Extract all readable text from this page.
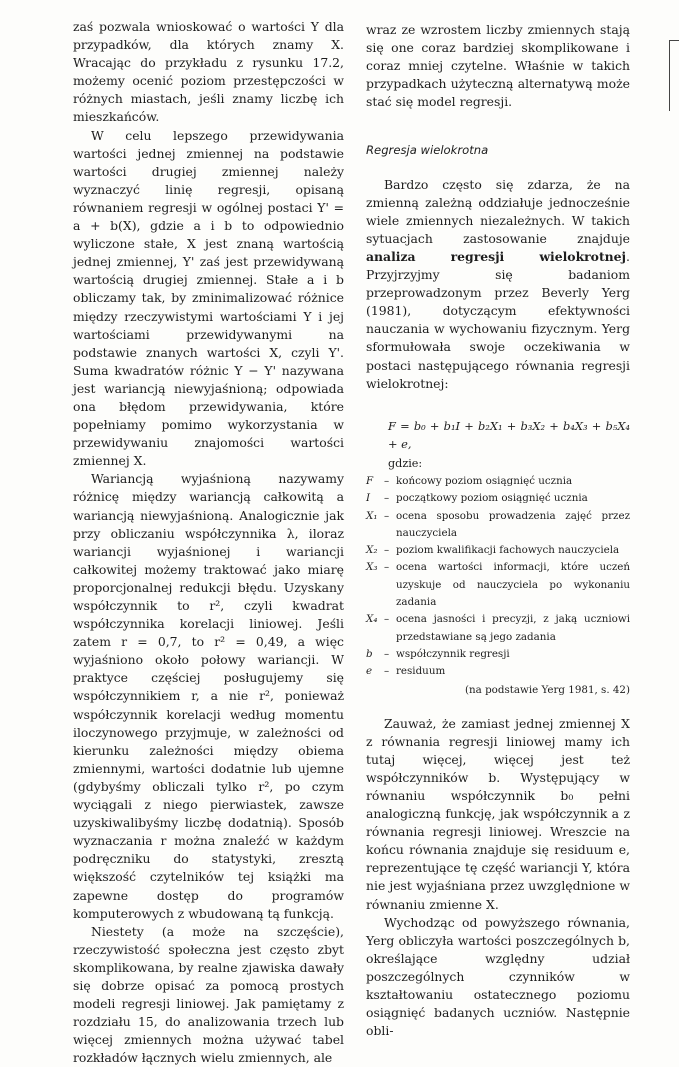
zaś pozwala wnioskować o wartości Y dla przypadków, dla których znamy X. Wracając do przykładu z rysunku 17.2, możemy ocenić poziom przestępczości w różnych miastach, jeśli znamy liczbę ich mieszkańców.

W celu lepszego przewidywania wartości jednej zmiennej na podstawie wartości drugiej zmiennej należy wyznaczyć linię regresji, opisaną równaniem regresji w ogólnej postaci Y' = a + b(X), gdzie a i b to odpowiednio wyliczone stałe, X jest znaną wartością jednej zmiennej, Y' zaś jest przewidywaną wartością drugiej zmiennej. Stałe a i b obliczamy tak, by zminimalizować różnice między rzeczywistymi wartościami Y i jej wartościami przewidywanymi na podstawie znanych wartości X, czyli Y'. Suma kwadratów różnic Y − Y' nazywana jest wariancją niewyjaśnioną; odpowiada ona błędom przewidywania, które popełniamy pomimo wykorzystania w przewidywaniu znajomości wartości zmiennej X.

Wariancją wyjaśnioną nazywamy różnicę między wariancją całkowitą a wariancją niewyjaśnioną. Analogicznie jak przy obliczaniu współczynnika λ, iloraz wariancji wyjaśnionej i wariancji całkowitej możemy traktować jako miarę proporcjonalnej redukcji błędu. Uzyskany współczynnik to r², czyli kwadrat współczynnika korelacji liniowej. Jeśli zatem r = 0,7, to r² = 0,49, a więc wyjaśniono około połowy wariancji. W praktyce częściej posługujemy się współczynnikiem r, a nie r², ponieważ współczynnik korelacji według momentu iloczynowego przyjmuje, w zależności od kierunku zależności między obiema zmiennymi, wartości dodatnie lub ujemne (gdybyśmy obliczali tylko r², po czym wyciągali z niego pierwiastek, zawsze uzyskiwalibyśmy liczbę dodatnią). Sposób wyznaczania r można znaleźć w każdym podręczniku do statystyki, zresztą większość czytelników tej książki ma zapewne dostęp do programów komputerowych z wbudowaną tą funkcją.

Niestety (a może na szczęście), rzeczywistość społeczna jest często zbyt skomplikowana, by realne zjawiska dawały się dobrze opisać za pomocą prostych modeli regresji liniowej. Jak pamiętamy z rozdziału 15, do analizowania trzech lub więcej zmiennych można używać tabel rozkładów łącznych wielu zmiennych, ale

wraz ze wzrostem liczby zmiennych stają się one coraz bardziej skomplikowane i coraz mniej czytelne. Właśnie w takich przypadkach użyteczną alternatywą może stać się model regresji.

Regresja wielokrotna

Bardzo często się zdarza, że na zmienną zależną oddziałuje jednocześnie wiele zmiennych niezależnych. W takich sytuacjach zastosowanie znajduje analiza regresji wielokrotnej. Przyjrzyjmy się badaniom przeprowadzonym przez Beverly Yerg (1981), dotyczącym efektywności nauczania w wychowaniu fizycznym. Yerg sformułowała swoje oczekiwania w postaci następującego równania regresji wielokrotnej:

F = b₀ + b₁I + b₂X₁ + b₃X₂ + b₄X₃ + b₅X₄ + e,
gdzie:
F	– końcowy poziom osiągnięć ucznia
I	– początkowy poziom osiągnięć ucznia
X₁ – ocena sposobu prowadzenia zajęć przez nauczyciela
X₂ – poziom kwalifikacji fachowych nauczyciela
X₃ – ocena wartości informacji, które uczeń uzyskuje od nauczyciela po wykonaniu zadania
X₄ – ocena jasności i precyzji, z jaką uczniowi przedstawiane są jego zadania
b	– współczynnik regresji
e	– residuum
(na podstawie Yerg 1981, s. 42)

Zauważ, że zamiast jednej zmiennej X z równania regresji liniowej mamy ich tutaj więcej, więcej jest też współczynników b. Występujący w równaniu współczynnik b₀ pełni analogiczną funkcję, jak współczynnik a z równania regresji liniowej. Wreszcie na końcu równania znajduje się residuum e, reprezentujące tę część wariancji Y, która nie jest wyjaśniana przez uwzględnione w równaniu zmienne X.

Wychodząc od powyższego równania, Yerg obliczyła wartości poszczególnych b, określające względny udział poszczególnych czynników w kształtowaniu ostatecznego poziomu osiągnięć badanych uczniów. Następnie obli-
